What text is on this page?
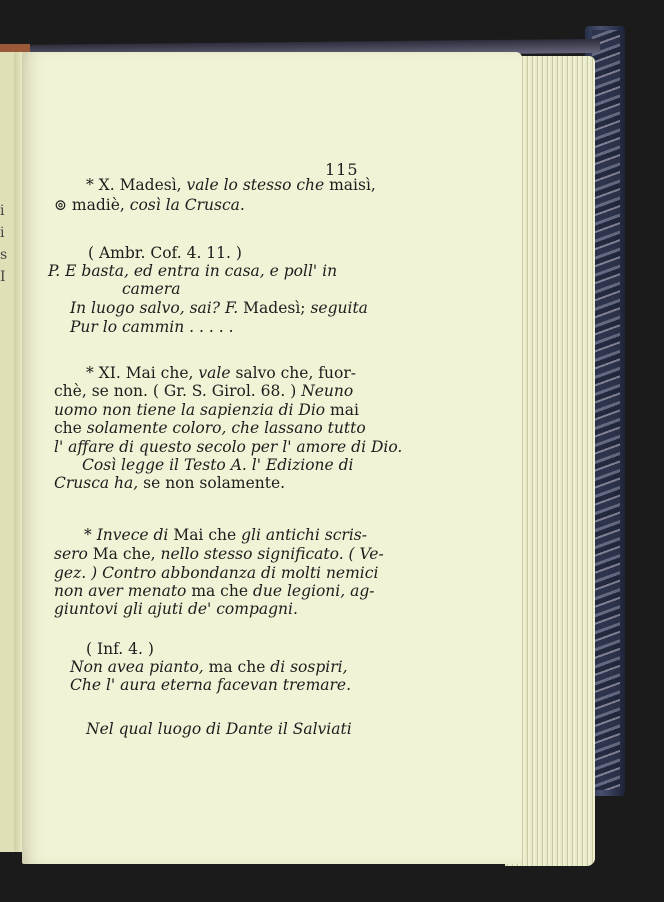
i
i
s
I
115
* X. Madesì, vale lo stesso che maisì,
⊚ madiè, così la Crusca.
( Ambr. Cof. 4. 11. )
P. E basta, ed entra in casa, e poll' in
camera
In luogo salvo, sai? F. Madesì; seguita
Pur lo cammin . . . . .
* XI. Mai che, vale salvo che, fuor-
chè, se non. ( Gr. S. Girol. 68. ) Neuno
uomo non tiene la sapienzia di Dio mai
che solamente coloro, che lassano tutto
l' affare di questo secolo per l' amore di Dio.
Così legge il Testo A. l' Edizione di
Crusca ha, se non solamente.
* Invece di Mai che gli antichi scris-
sero Ma che, nello stesso significato. ( Ve-
gez. ) Contro abbondanza di molti nemici
non aver menato ma che due legioni, ag-
giuntovi gli ajuti de' compagni.
( Inf. 4. )
Non avea pianto, ma che di sospiri,
Che l' aura eterna facevan tremare.
Nel qual luogo di Dante il Salviati
